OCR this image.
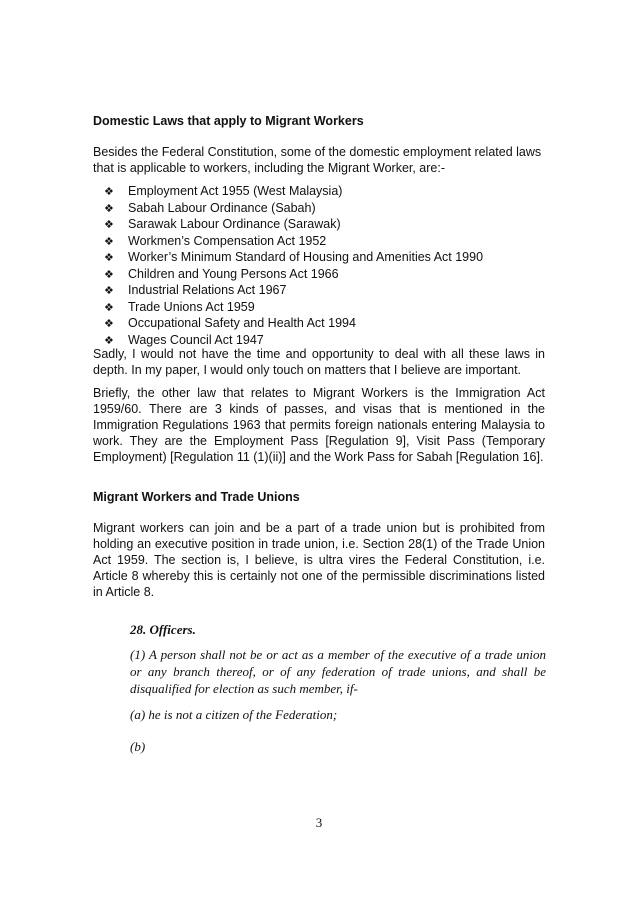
Domestic Laws that apply to Migrant Workers
Besides the Federal Constitution, some of the domestic employment related laws that is applicable to workers, including the Migrant Worker, are:-
❖ Employment Act 1955 (West Malaysia)
❖ Sabah Labour Ordinance (Sabah)
❖ Sarawak Labour Ordinance (Sarawak)
❖ Workmen’s Compensation Act 1952
❖ Worker’s Minimum Standard of Housing and Amenities Act 1990
❖ Children and Young Persons Act 1966
❖ Industrial Relations Act 1967
❖ Trade Unions Act 1959
❖ Occupational Safety and Health Act 1994
❖ Wages Council Act 1947
Sadly, I would not have the time and opportunity to deal with all these laws in depth. In my paper, I would only touch on matters that I believe are important.
Briefly, the other law that relates to Migrant Workers is the Immigration Act 1959/60. There are 3 kinds of passes, and visas that is mentioned in the Immigration Regulations 1963 that permits foreign nationals entering Malaysia to work. They are the Employment Pass [Regulation 9], Visit Pass (Temporary Employment) [Regulation 11 (1)(ii)] and the Work Pass for Sabah [Regulation 16].
Migrant Workers and Trade Unions
Migrant workers can join and be a part of a trade union but is prohibited from holding an executive position in trade union, i.e. Section 28(1) of the Trade Union Act 1959. The section is, I believe, is ultra vires the Federal Constitution, i.e. Article 8 whereby this is certainly not one of the permissible discriminations listed in Article 8.
28. Officers.
(1) A person shall not be or act as a member of the executive of a trade union or any branch thereof, or of any federation of trade unions, and shall be disqualified for election as such member, if-
(a) he is not a citizen of the Federation;
(b)
3
